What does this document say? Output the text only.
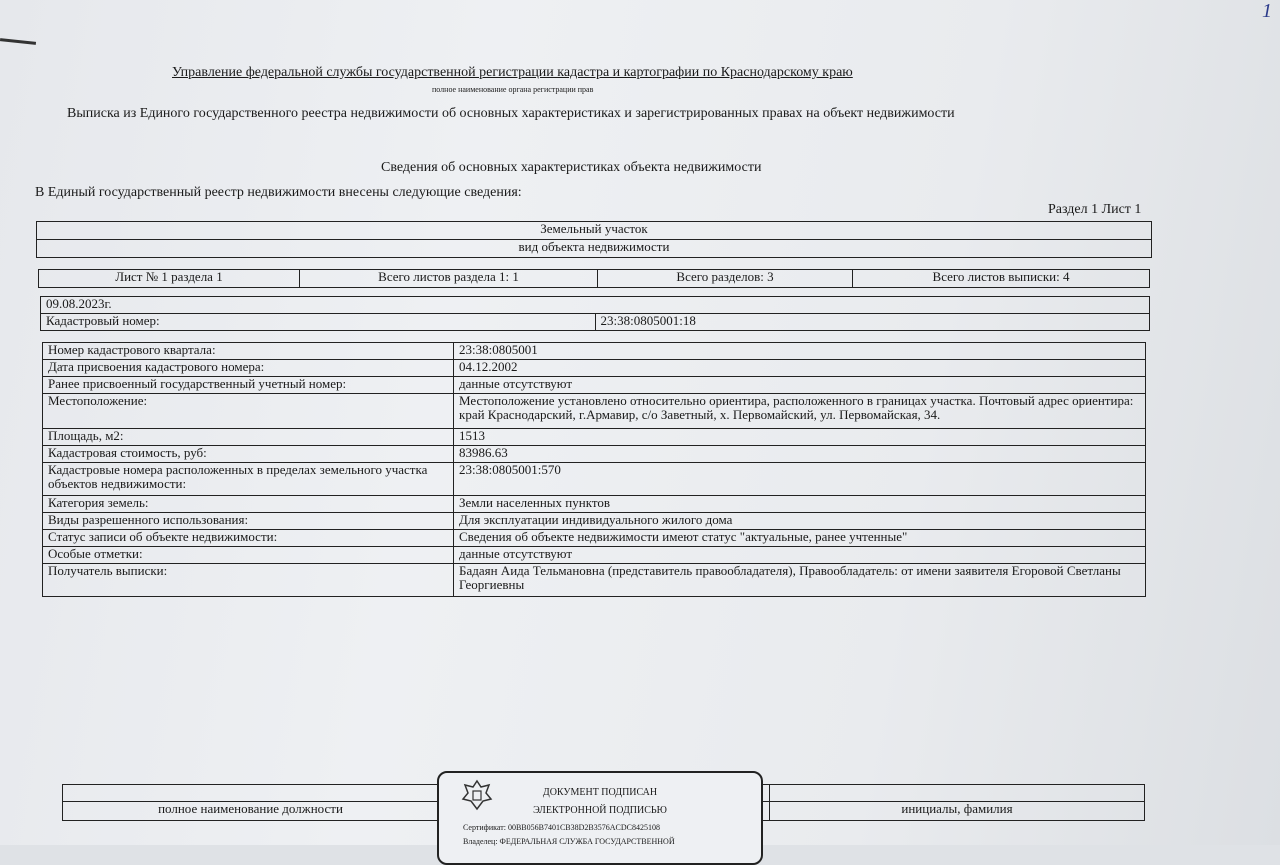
1
Управление федеральной службы государственной регистрации кадастра и картографии по Краснодарскому краю
полное наименование органа регистрации прав
Выписка из Единого государственного реестра недвижимости об основных характеристиках и зарегистрированных правах на объект недвижимости
Сведения об основных характеристиках объекта недвижимости
В Единый государственный реестр недвижимости внесены следующие сведения:
Раздел 1 Лист 1
Земельный участок
вид объекта недвижимости
Лист № 1 раздела 1	Всего листов раздела 1: 1	Всего разделов: 3	Всего листов выписки: 4
09.08.2023г.
Кадастровый номер:	23:38:0805001:18
Номер кадастрового квартала:	23:38:0805001
Дата присвоения кадастрового номера:	04.12.2002
Ранее присвоенный государственный учетный номер:	данные отсутствуют
Местоположение:	Местоположение установлено относительно ориентира, расположенного в границах участка. Почтовый адрес ориентира: край Краснодарский, г.Армавир, с/о Заветный, х. Первомайский, ул. Первомайская, 34.
Площадь, м2:	1513
Кадастровая стоимость, руб:	83986.63
Кадастровые номера расположенных в пределах земельного участка объектов недвижимости:	23:38:0805001:570
Категория земель:	Земли населенных пунктов
Виды разрешенного использования:	Для эксплуатации индивидуального жилого дома
Статус записи об объекте недвижимости:	Сведения об объекте недвижимости имеют статус "актуальные, ранее учтенные"
Особые отметки:	данные отсутствуют
Получатель выписки:	Бадаян Аида Тельмановна (представитель правообладателя), Правообладатель: от имени заявителя Егоровой Светланы Георгиевны

полное наименование должности		инициалы, фамилия
ДОКУМЕНТ ПОДПИСАН
ЭЛЕКТРОННОЙ ПОДПИСЬЮ
Сертификат: 00BB056B7401CB38D2B3576ACDC8425108
Владелец: ФЕДЕРАЛЬНАЯ СЛУЖБА ГОСУДАРСТВЕННОЙ
